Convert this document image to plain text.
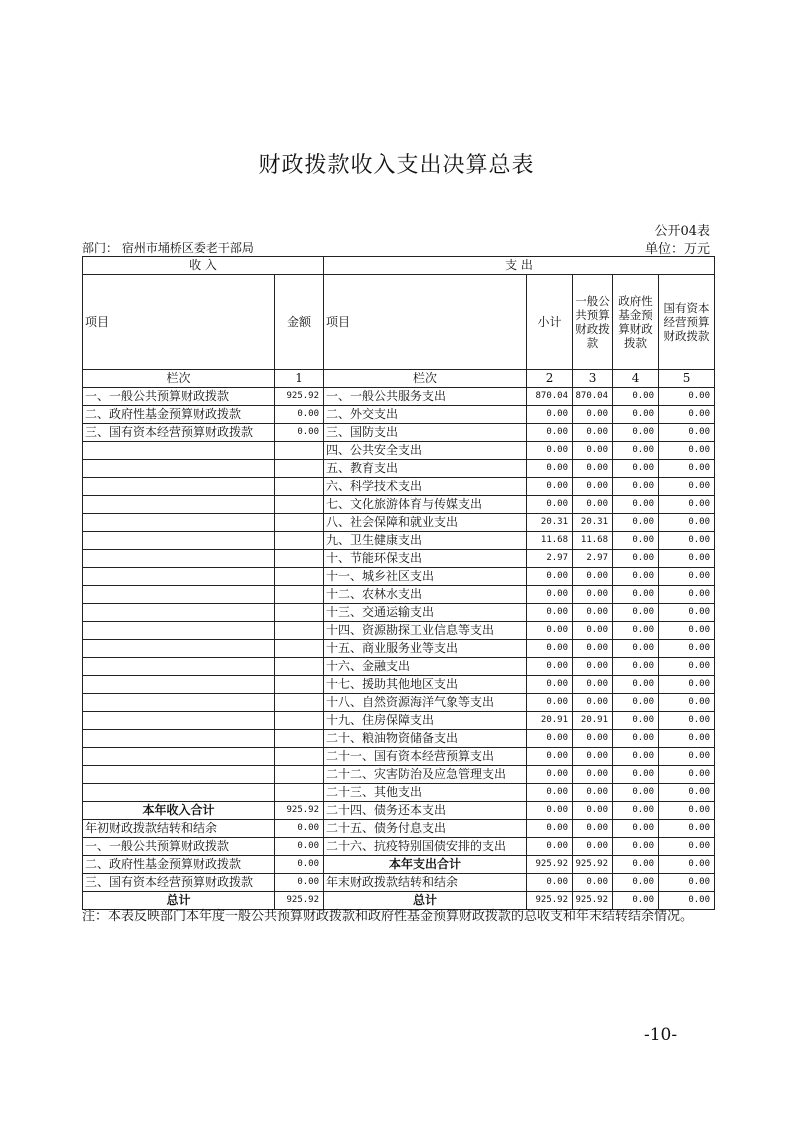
财政拨款收入支出决算总表
公开04表
部门： 宿州市埇桥区委老干部局	单位：万元
收 入		支 出				
项目	金额	项目	小计	一般公共预算财政拨款	政府性基金预算财政拨款	国有资本经营预算财政拨款
栏次	1	栏次	2	3	4	5
一、一般公共预算财政拨款	925.92	一、一般公共服务支出	870.04	870.04	0.00	0.00
二、政府性基金预算财政拨款	0.00	二、外交支出	0.00	0.00	0.00	0.00
三、国有资本经营预算财政拨款	0.00	三、国防支出	0.00	0.00	0.00	0.00
		四、公共安全支出	0.00	0.00	0.00	0.00
		五、教育支出	0.00	0.00	0.00	0.00
		六、科学技术支出	0.00	0.00	0.00	0.00
		七、文化旅游体育与传媒支出	0.00	0.00	0.00	0.00
		八、社会保障和就业支出	20.31	20.31	0.00	0.00
		九、卫生健康支出	11.68	11.68	0.00	0.00
		十、节能环保支出	2.97	2.97	0.00	0.00
		十一、城乡社区支出	0.00	0.00	0.00	0.00
		十二、农林水支出	0.00	0.00	0.00	0.00
		十三、交通运输支出	0.00	0.00	0.00	0.00
		十四、资源勘探工业信息等支出	0.00	0.00	0.00	0.00
		十五、商业服务业等支出	0.00	0.00	0.00	0.00
		十六、金融支出	0.00	0.00	0.00	0.00
		十七、援助其他地区支出	0.00	0.00	0.00	0.00
		十八、自然资源海洋气象等支出	0.00	0.00	0.00	0.00
		十九、住房保障支出	20.91	20.91	0.00	0.00
		二十、粮油物资储备支出	0.00	0.00	0.00	0.00
		二十一、国有资本经营预算支出	0.00	0.00	0.00	0.00
		二十二、灾害防治及应急管理支出	0.00	0.00	0.00	0.00
		二十三、其他支出	0.00	0.00	0.00	0.00
本年收入合计	925.92	二十四、债务还本支出	0.00	0.00	0.00	0.00
年初财政拨款结转和结余	0.00	二十五、债务付息支出	0.00	0.00	0.00	0.00
一、一般公共预算财政拨款	0.00	二十六、抗疫特别国债安排的支出	0.00	0.00	0.00	0.00
二、政府性基金预算财政拨款	0.00	本年支出合计	925.92	925.92	0.00	0.00
三、国有资本经营预算财政拨款	0.00	年末财政拨款结转和结余	0.00	0.00	0.00	0.00
总计	925.92	总计	925.92	925.92	0.00	0.00
注：本表反映部门本年度一般公共预算财政拨款和政府性基金预算财政拨款的总收支和年末结转结余情况。
-10-
